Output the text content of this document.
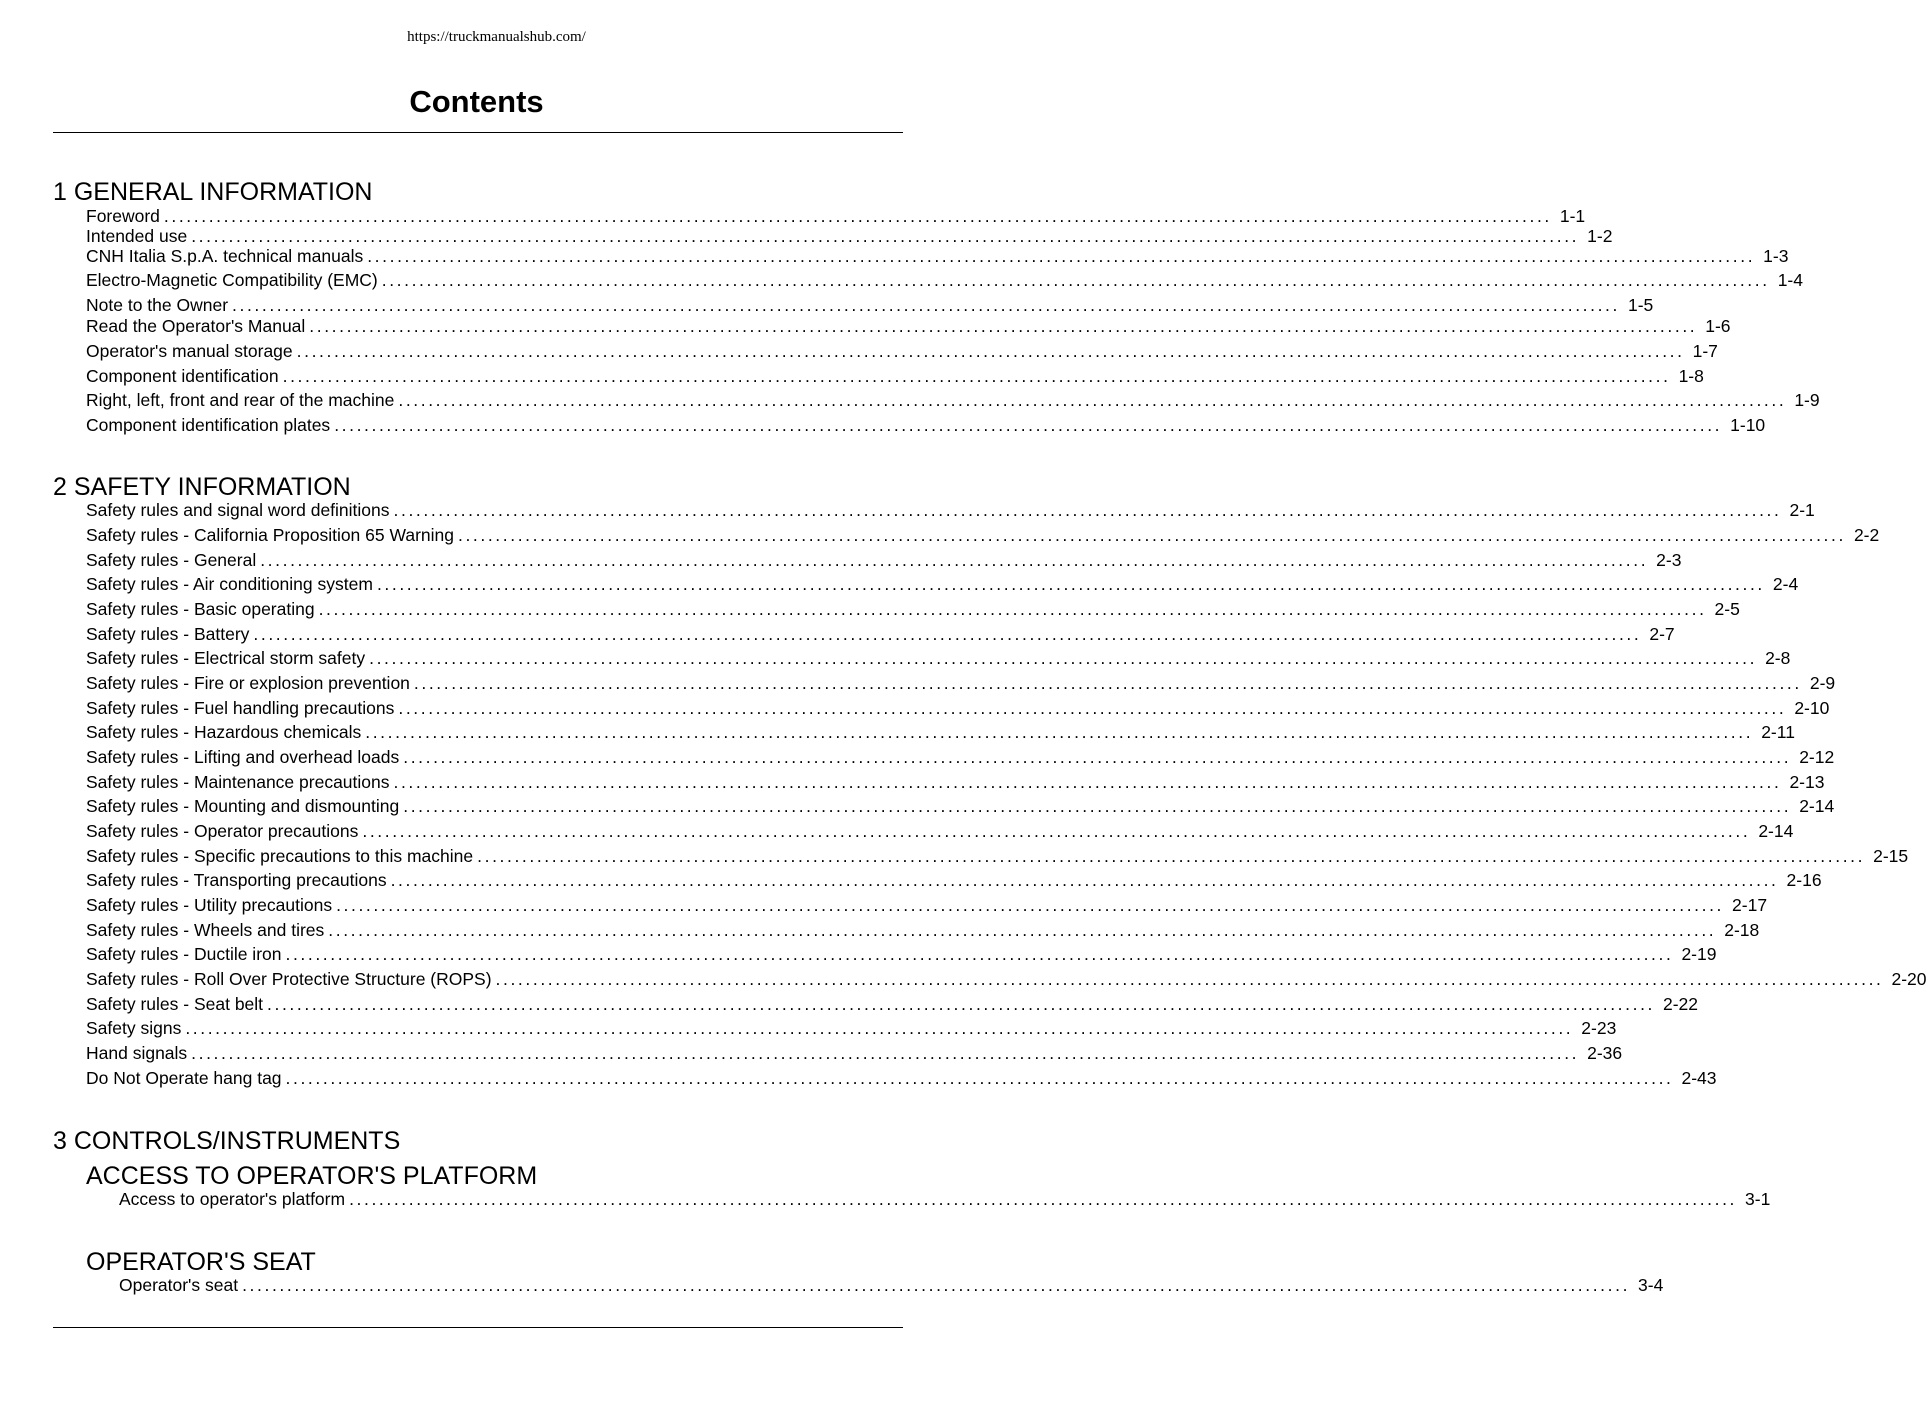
https://truckmanualshub.com/
Contents
1 GENERAL INFORMATION
Foreword .......................................................................................................................................................................................... 1-1
Intended use .......................................................................................................................................................................................... 1-2
CNH Italia S.p.A. technical manuals .......................................................................................................................................................................................... 1-3
Electro-Magnetic Compatibility (EMC) .......................................................................................................................................................................................... 1-4
Note to the Owner .......................................................................................................................................................................................... 1-5
Read the Operator's Manual .......................................................................................................................................................................................... 1-6
Operator's manual storage .......................................................................................................................................................................................... 1-7
Component identification .......................................................................................................................................................................................... 1-8
Right, left, front and rear of the machine .......................................................................................................................................................................................... 1-9
Component identification plates .......................................................................................................................................................................................... 1-10
2 SAFETY INFORMATION
Safety rules and signal word definitions .......................................................................................................................................................................................... 2-1
Safety rules - California Proposition 65 Warning .......................................................................................................................................................................................... 2-2
Safety rules - General .......................................................................................................................................................................................... 2-3
Safety rules - Air conditioning system .......................................................................................................................................................................................... 2-4
Safety rules - Basic operating .......................................................................................................................................................................................... 2-5
Safety rules - Battery .......................................................................................................................................................................................... 2-7
Safety rules - Electrical storm safety .......................................................................................................................................................................................... 2-8
Safety rules - Fire or explosion prevention .......................................................................................................................................................................................... 2-9
Safety rules - Fuel handling precautions .......................................................................................................................................................................................... 2-10
Safety rules - Hazardous chemicals .......................................................................................................................................................................................... 2-11
Safety rules - Lifting and overhead loads .......................................................................................................................................................................................... 2-12
Safety rules - Maintenance precautions .......................................................................................................................................................................................... 2-13
Safety rules - Mounting and dismounting .......................................................................................................................................................................................... 2-14
Safety rules - Operator precautions .......................................................................................................................................................................................... 2-14
Safety rules - Specific precautions to this machine .......................................................................................................................................................................................... 2-15
Safety rules - Transporting precautions .......................................................................................................................................................................................... 2-16
Safety rules - Utility precautions .......................................................................................................................................................................................... 2-17
Safety rules - Wheels and tires .......................................................................................................................................................................................... 2-18
Safety rules - Ductile iron .......................................................................................................................................................................................... 2-19
Safety rules - Roll Over Protective Structure (ROPS) .......................................................................................................................................................................................... 2-20
Safety rules - Seat belt .......................................................................................................................................................................................... 2-22
Safety signs .......................................................................................................................................................................................... 2-23
Hand signals .......................................................................................................................................................................................... 2-36
Do Not Operate hang tag .......................................................................................................................................................................................... 2-43
3 CONTROLS/INSTRUMENTS
ACCESS TO OPERATOR'S PLATFORM
Access to operator's platform .......................................................................................................................................................................................... 3-1
OPERATOR'S SEAT
Operator's seat .......................................................................................................................................................................................... 3-4
